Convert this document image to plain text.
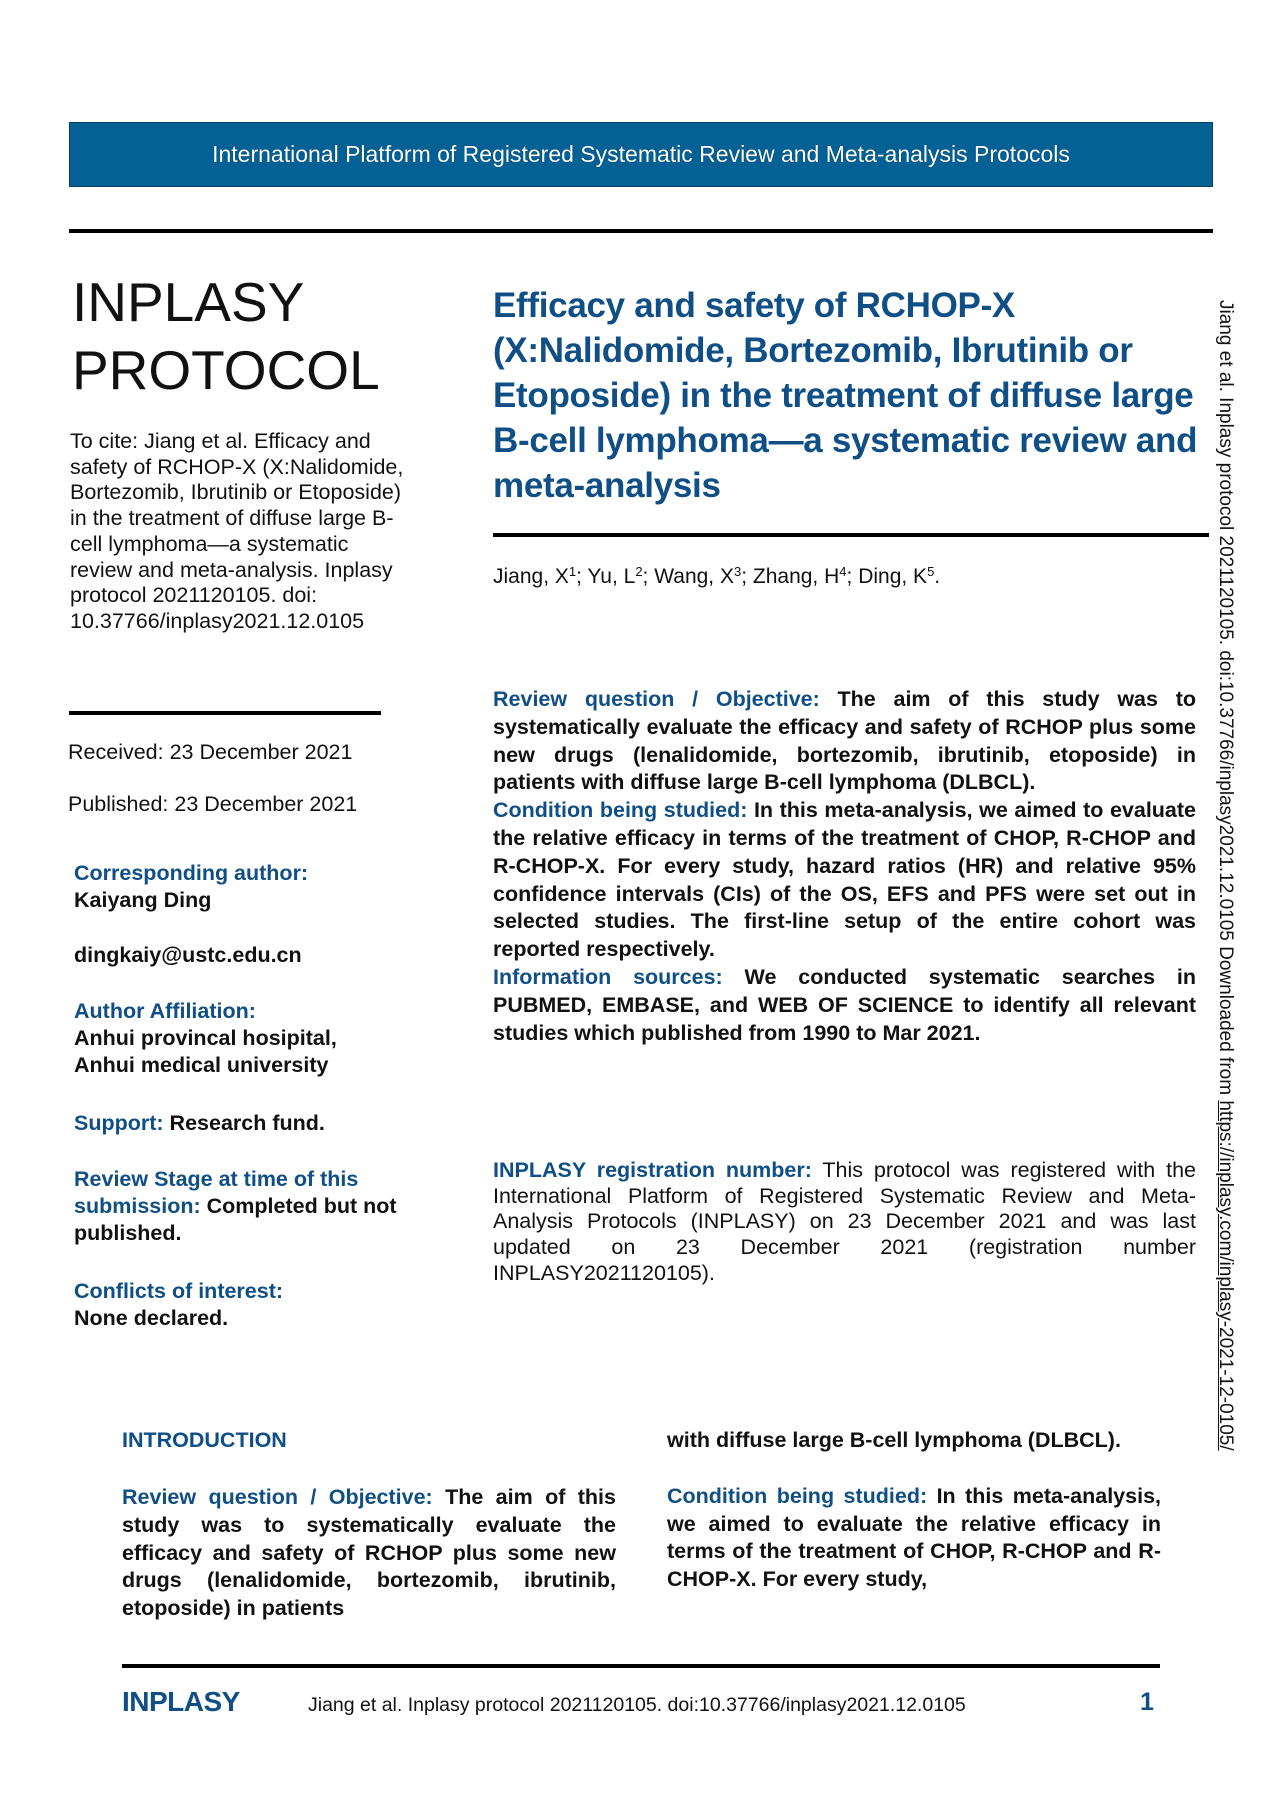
International Platform of Registered Systematic Review and Meta-analysis Protocols
INPLASY
PROTOCOL
To cite: Jiang et al. Efficacy and safety of RCHOP-X (X:Nalidomide, Bortezomib, Ibrutinib or Etoposide) in the treatment of diffuse large B-cell lymphoma—a systematic review and meta-analysis. Inplasy protocol 2021120105. doi: 10.37766/inplasy2021.12.0105
Received: 23 December 2021
Published: 23 December 2021
Corresponding author:
Kaiyang Ding
dingkaiy@ustc.edu.cn
Author Affiliation:
Anhui provincal hosipital,
Anhui medical university
Support: Research fund.
Review Stage at time of this submission: Completed but not published.
Conflicts of interest:
None declared.
Efficacy and safety of RCHOP-X (X:Nalidomide, Bortezomib, Ibrutinib or Etoposide) in the treatment of diffuse large B-cell lymphoma—a systematic review and meta-analysis
Jiang, $X^1$; Yu, $L^2$; Wang, $X^3$; Zhang, $H^4$; Ding, $K^5$.

Review question / Objective: The aim of this study was to systematically evaluate the efficacy and safety of RCHOP plus some new drugs (lenalidomide, bortezomib, ibrutinib, etoposide) in patients with diffuse large B-cell lymphoma (DLBCL).

Condition being studied: In this meta-analysis, we aimed to evaluate the relative efficacy in terms of the treatment of CHOP, R-CHOP and R-CHOP-X. For every study, hazard ratios (HR) and relative 95% confidence intervals (CIs) of the OS, EFS and PFS were set out in selected studies. The first-line setup of the entire cohort was reported respectively.

Information sources: We conducted systematic searches in PUBMED, EMBASE, and WEB OF SCIENCE to identify all relevant studies which published from 1990 to Mar 2021.

INPLASY registration number: This protocol was registered with the International Platform of Registered Systematic Review and Meta-Analysis Protocols (INPLASY) on 23 December 2021 and was last updated on 23 December 2021 (registration number INPLASY2021120105).
Jiang et al. Inplasy protocol 2021120105. doi:10.37766/inplasy2021.12.0105 Downloaded from https://inplasy.com/inplasy-2021-12-0105/
INTRODUCTION

Review question / Objective: The aim of this study was to systematically evaluate the efficacy and safety of RCHOP plus some new drugs (lenalidomide, bortezomib, ibrutinib, etoposide) in patients

with diffuse large B-cell lymphoma (DLBCL).

Condition being studied: In this meta-analysis, we aimed to evaluate the relative efficacy in terms of the treatment of CHOP, R-CHOP and R-CHOP-X. For every study,

INPLASY	Jiang et al. Inplasy protocol 2021120105. doi:10.37766/inplasy2021.12.0105	1
